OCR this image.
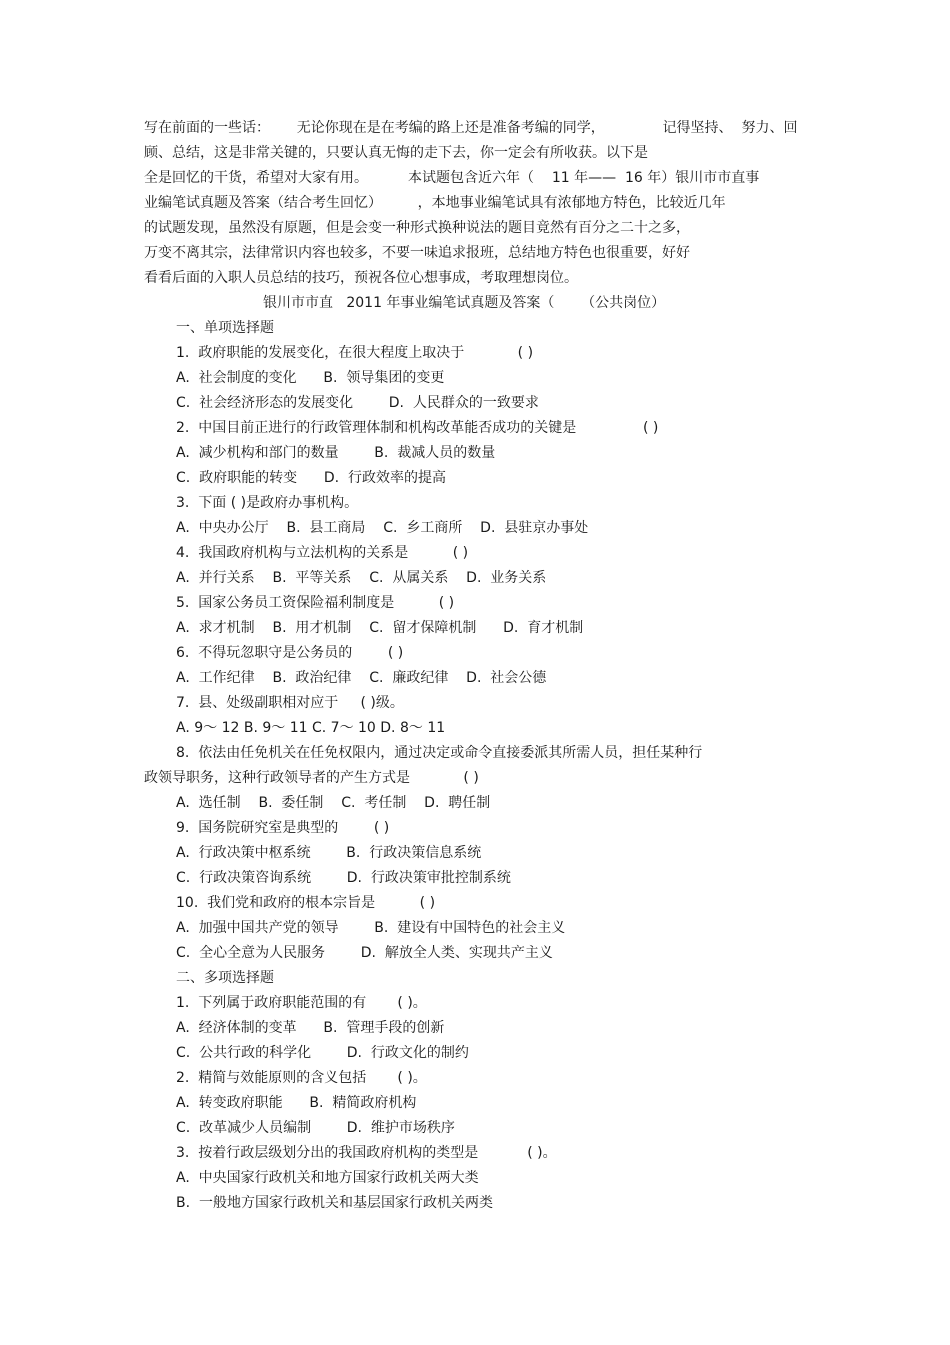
写在前面的一些话：      无论你现在是在考编的路上还是准备考编的同学，             记得坚持、  努力、回
顾、总结，这是非常关键的，只要认真无悔的走下去，你一定会有所收获。以下是
全是回忆的干货，希望对大家有用。         本试题包含近六年（    11 年——  16 年）银川市市直事
业编笔试真题及答案（结合考生回忆）        ，本地事业编笔试具有浓郁地方特色，比较近几年
的试题发现，虽然没有原题，但是会变一种形式换种说法的题目竟然有百分之二十之多，
万变不离其宗，法律常识内容也较多，不要一味追求报班，总结地方特色也很重要，好好
看看后面的入职人员总结的技巧，预祝各位心想事成，考取理想岗位。
银川市市直   2011 年事业编笔试真题及答案（      （公共岗位）
一、单项选择题
1.  政府职能的发展变化，在很大程度上取决于            ( )
A.  社会制度的变化      B.  领导集团的变更
C.  社会经济形态的发展变化        D.  人民群众的一致要求
2.  中国目前正进行的行政管理体制和机构改革能否成功的关键是               ( )
A.  减少机构和部门的数量        B.  裁减人员的数量
C.  政府职能的转变      D.  行政效率的提高
3.  下面 ( )是政府办事机构。
A.  中央办公厅    B.  县工商局    C.  乡工商所    D.  县驻京办事处
4.  我国政府机构与立法机构的关系是          ( )
A.  并行关系    B.  平等关系    C.  从属关系    D.  业务关系
5.  国家公务员工资保险福利制度是          ( )
A.  求才机制    B.  用才机制    C.  留才保障机制      D.  育才机制
6.  不得玩忽职守是公务员的        ( )
A.  工作纪律    B.  政治纪律    C.  廉政纪律    D.  社会公德
7.  县、处级副职相对应于     ( )级。
A. 9～ 12 B. 9～ 11 C. 7～ 10 D. 8～ 11
8.  依法由任免机关在任免权限内，通过决定或命令直接委派其所需人员，担任某种行
政领导职务，这种行政领导者的产生方式是            ( )
A.  选任制    B.  委任制    C.  考任制    D.  聘任制
9.  国务院研究室是典型的        ( )
A.  行政决策中枢系统        B.  行政决策信息系统
C.  行政决策咨询系统        D.  行政决策审批控制系统
10.  我们党和政府的根本宗旨是          ( )
A.  加强中国共产党的领导        B.  建设有中国特色的社会主义
C.  全心全意为人民服务        D.  解放全人类、实现共产主义
二、多项选择题
1.  下列属于政府职能范围的有       ( )。
A.  经济体制的变革      B.  管理手段的创新
C.  公共行政的科学化        D.  行政文化的制约
2.  精简与效能原则的含义包括       ( )。
A.  转变政府职能      B.  精简政府机构
C.  改革减少人员编制        D.  维护市场秩序
3.  按着行政层级划分出的我国政府机构的类型是           ( )。
A.  中央国家行政机关和地方国家行政机关两大类
B.  一般地方国家行政机关和基层国家行政机关两类
